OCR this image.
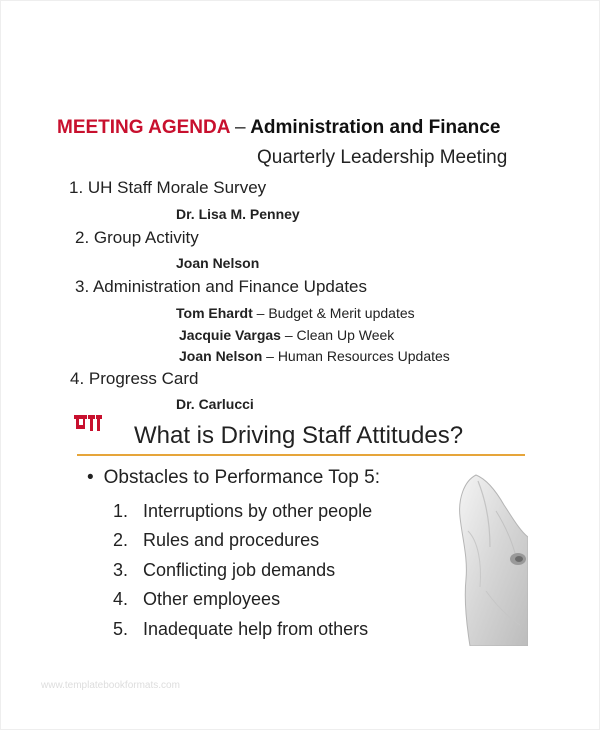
MEETING AGENDA – Administration and Finance
Quarterly Leadership Meeting
1. UH Staff Morale Survey
Dr. Lisa M. Penney
2. Group Activity
Joan Nelson
3. Administration and Finance Updates
Tom Ehardt – Budget & Merit updates
Jacquie Vargas – Clean Up Week
Joan Nelson – Human Resources Updates
4. Progress Card
Dr. Carlucci
What is Driving Staff Attitudes?
• Obstacles to Performance Top 5:
1. Interruptions by other people
2. Rules and procedures
3. Conflicting job demands
4. Other employees
5. Inadequate help from others
www.templatebookformats.com
